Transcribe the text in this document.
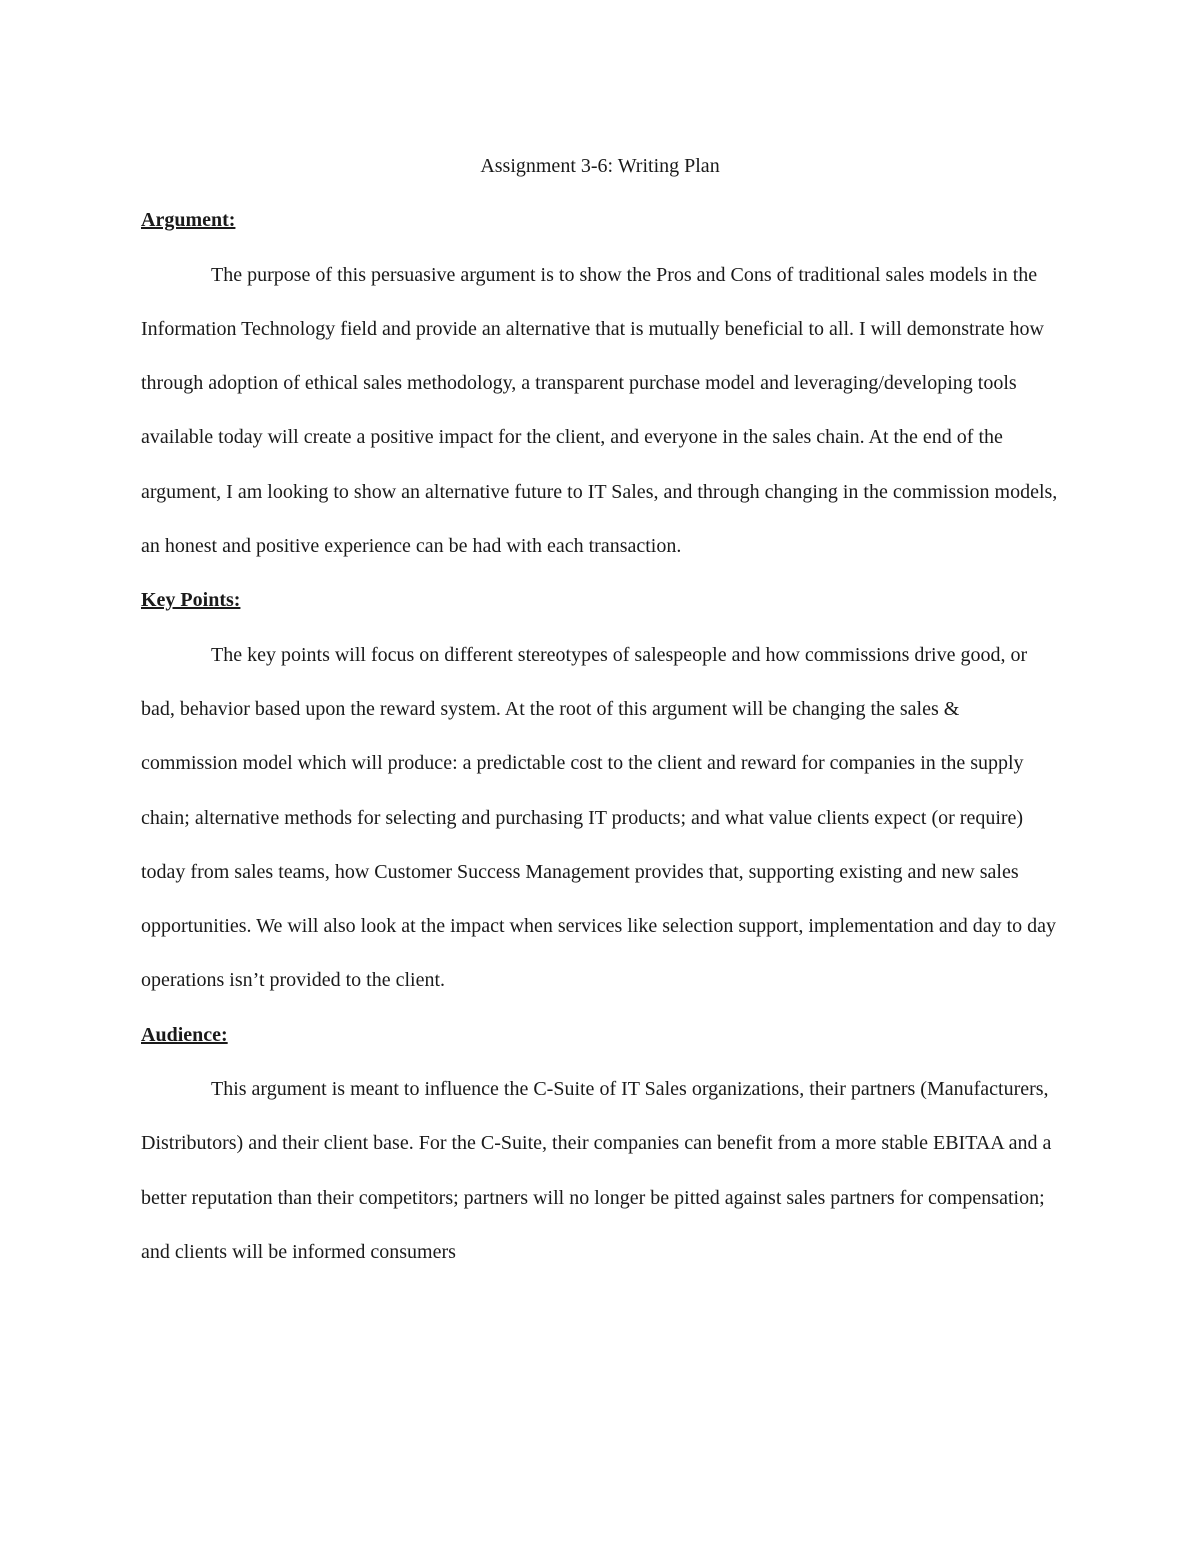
Assignment 3-6: Writing Plan

Argument:

The purpose of this persuasive argument is to show the Pros and Cons of traditional sales models in the Information Technology field and provide an alternative that is mutually beneficial to all. I will demonstrate how through adoption of ethical sales methodology, a transparent purchase model and leveraging/developing tools available today will create a positive impact for the client, and everyone in the sales chain. At the end of the argument, I am looking to show an alternative future to IT Sales, and through changing in the commission models, an honest and positive experience can be had with each transaction.

Key Points:

The key points will focus on different stereotypes of salespeople and how commissions drive good, or bad, behavior based upon the reward system. At the root of this argument will be changing the sales & commission model which will produce: a predictable cost to the client and reward for companies in the supply chain; alternative methods for selecting and purchasing IT products; and what value clients expect (or require) today from sales teams, how Customer Success Management provides that, supporting existing and new sales opportunities. We will also look at the impact when services like selection support, implementation and day to day operations isn’t provided to the client.

Audience:

This argument is meant to influence the C-Suite of IT Sales organizations, their partners (Manufacturers, Distributors) and their client base. For the C-Suite, their companies can benefit from a more stable EBITAA and a better reputation than their competitors; partners will no longer be pitted against sales partners for compensation; and clients will be informed consumers
